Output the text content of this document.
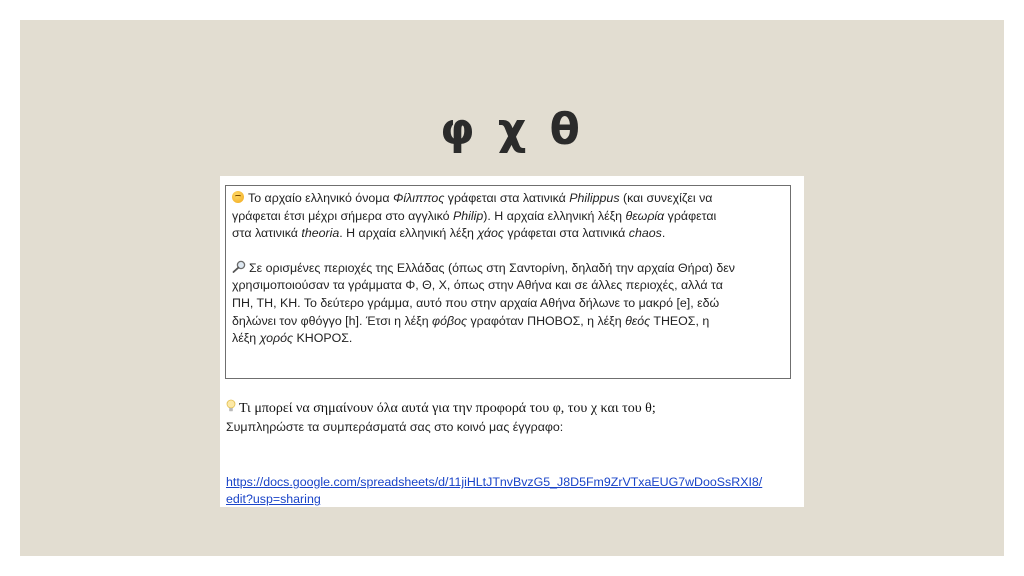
φ χ θ

Το αρχαίο ελληνικό όνομα Φίλιππος γράφεται στα λατινικά Philippus (και συνεχίζει να
γράφεται έτσι μέχρι σήμερα στο αγγλικό Philip). Η αρχαία ελληνική λέξη θεωρία γράφεται
στα λατινικά theoria. Η αρχαία ελληνική λέξη χάος γράφεται στα λατινικά chaos.

Σε ορισμένες περιοχές της Ελλάδας (όπως στη Σαντορίνη, δηλαδή την αρχαία Θήρα) δεν
χρησιμοποιούσαν τα γράμματα Φ, Θ, Χ, όπως στην Αθήνα και σε άλλες περιοχές, αλλά τα
ΠΗ, ΤΗ, ΚΗ. Το δεύτερο γράμμα, αυτό που στην αρχαία Αθήνα δήλωνε το μακρό [e], εδώ
δηλώνει τον φθόγγο [h]. Έτσι η λέξη φόβος γραφόταν ΠΗΟΒΟΣ, η λέξη θεός ΤΗΕΟΣ, η
λέξη χορός ΚΗΟΡΟΣ.

Τι μπορεί να σημαίνουν όλα αυτά για την προφορά του φ, του χ και του θ;
Συμπληρώστε τα συμπεράσματά σας στο κοινό μας έγγραφο:
https://docs.google.com/spreadsheets/d/11jiHLtJTnvBvzG5_J8D5Fm9ZrVTxaEUG7wDooSsRXI8/
edit?usp=sharing
